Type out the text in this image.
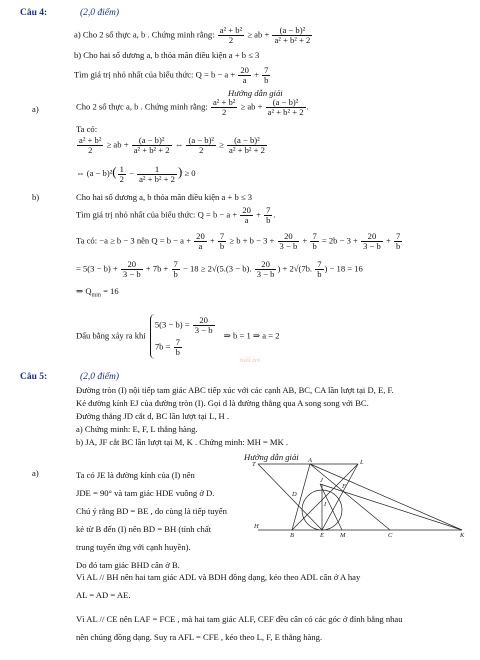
tuổi trẻ
Câu 4:	(2,0 điểm)
a) Cho 2 số thực a, b . Chứng minh rằng: $\frac{\text{a² + b²}}{2}$ ≥ ab + $\frac{\text{(a − b)²}}{\text{a² + b² + 2}}$
b) Cho hai số dương a, b thỏa mãn điều kiện a + b ≤ 3
Tìm giá trị nhỏ nhất của biểu thức: $Q = b - a + \frac{20}{a} + \frac{7}{b}$
Hướng dẫn giải
a)	Cho 2 số thực a, b . Chứng minh rằng: $\frac{\text{a² + b²}}{2}$ ≥ ab + $\frac{\text{(a − b)²}}{\text{a² + b² + 2}}$ .
Ta có:
$\frac{\text{a² + b²}}{2}$ ≥ ab + $\frac{\text{(a − b)²}}{\text{a² + b² + 2}}$ ⇔ $\frac{\text{(a − b)²}}{2} \ge \frac{\text{(a − b)²}}{\text{a² + b² + 2}}$
⇔ $(a - b)^2( \frac{1}{2} - \frac{1}{\text{a² + b² + 2}}$ ) ≥ 0
b)	Cho hai số dương a, b thỏa mãn điều kiện a + b ≤ 3
Tìm giá trị nhỏ nhất của biểu thức: $Q = b - a + \frac{20}{a} + \frac{7}{b}$ .
Ta có: −a ≥ b − 3 nên $Q = b - a + \frac{20}{a} + \frac{7}{b} \ge b + b - 3 + \frac{20}{3 - b} + \frac{7}{b} = 2b - 3 + \frac{20}{3 - b} + \frac{7}{b}$
= $5(3 - b) + \frac{20}{3 - b} + 7b + \frac{7}{b} - 18 \ge 2√(5.(3 - b)$. $\frac{20}{3 - b}$ ) + 2√(7b. $\frac{7}{b}$ ) − 18 = 16
⇒ $Q_{min} = 16$
Dấu bằng xảy ra khi
$5(3 - b) = \frac{20}{3 - b}$
$7b = \frac{7}{b}$
⇒ b = 1 ⇒ a = 2
Câu 5:	(2,0 điểm)
Đường tròn (I) nội tiếp tam giác ABC tiếp xúc với các cạnh AB, BC, CA lần lượt tại D, E, F.
Kẻ đường kính EJ của đường tròn (I). Gọi d là đường thẳng qua A song song với BC.
Đường thẳng JD cắt d, BC lần lượt tại L, H .
a) Chứng minh: E, F, L thẳng hàng.
b) JA, JF cắt BC lần lượt tại M, K . Chứng minh: MH = MK .
Hướng dẫn giải
a)	Ta có JE là đường kính của (I) nên
JDE = 90° và tam giác HDE vuông ở D.
Chú ý rằng BD = BE , do cùng là tiếp tuyến
kẻ từ B đến (I) nên BD = BH (tính chất
trung tuyến ứng với cạnh huyền).
Do đó tam giác BHD cân ở B.
T
A	L
J
D
F
I
H
B	E M	C	K
Vì AL // BH nên hai tam giác ADL và BDH đồng dạng, kéo theo ADL cân ở A hay
AL = AD = AE.
Vì AL // CE nên LAF = FCE , mà hai tam giác ALF, CEF đều cân có các góc ở đỉnh bằng nhau
nên chúng đồng dạng. Suy ra AFL = CFE , kéo theo L, F, E thẳng hàng.
